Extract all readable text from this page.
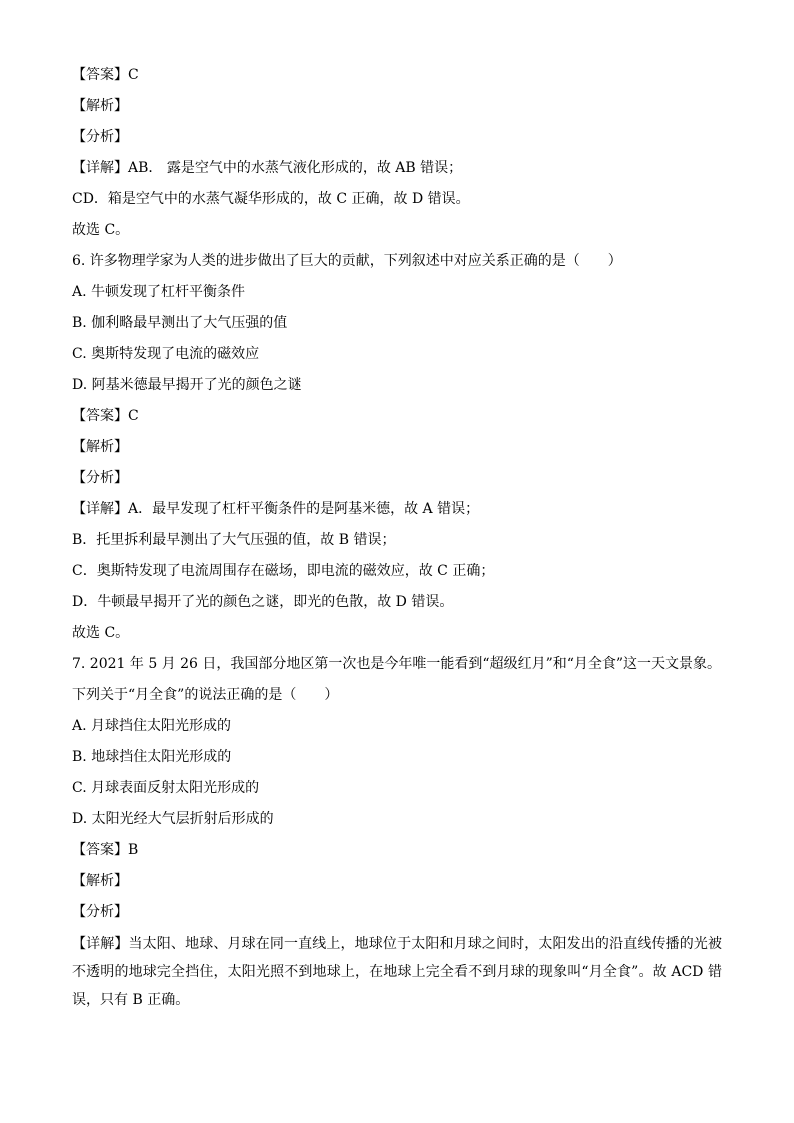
【答案】C
【解析】
【分析】
【详解】AB． 露是空气中的水蒸气液化形成的，故 AB 错误；
CD．箱是空气中的水蒸气凝华形成的，故 C 正确，故 D 错误。
故选 C。
6. 许多物理学家为人类的进步做出了巨大的贡献，下列叙述中对应关系正确的是（　　）
A. 牛顿发现了杠杆平衡条件
B. 伽利略最早测出了大气压强的值
C. 奥斯特发现了电流的磁效应
D. 阿基米德最早揭开了光的颜色之谜
【答案】C
【解析】
【分析】
【详解】A．最早发现了杠杆平衡条件的是阿基米德，故 A 错误；
B．托里拆利最早测出了大气压强的值，故 B 错误；
C．奥斯特发现了电流周围存在磁场，即电流的磁效应，故 C 正确；
D．牛顿最早揭开了光的颜色之谜，即光的色散，故 D 错误。
故选 C。
7. 2021 年 5 月 26 日，我国部分地区第一次也是今年唯一能看到“超级红月”和“月全食”这一天文景象。
下列关于“月全食”的说法正确的是（　　）
A. 月球挡住太阳光形成的
B. 地球挡住太阳光形成的
C. 月球表面反射太阳光形成的
D. 太阳光经大气层折射后形成的
【答案】B
【解析】
【分析】
【详解】当太阳、地球、月球在同一直线上，地球位于太阳和月球之间时，太阳发出的沿直线传播的光被不透明的地球完全挡住，太阳光照不到地球上，在地球上完全看不到月球的现象叫“月全食”。故 ACD 错误，只有 B 正确。
